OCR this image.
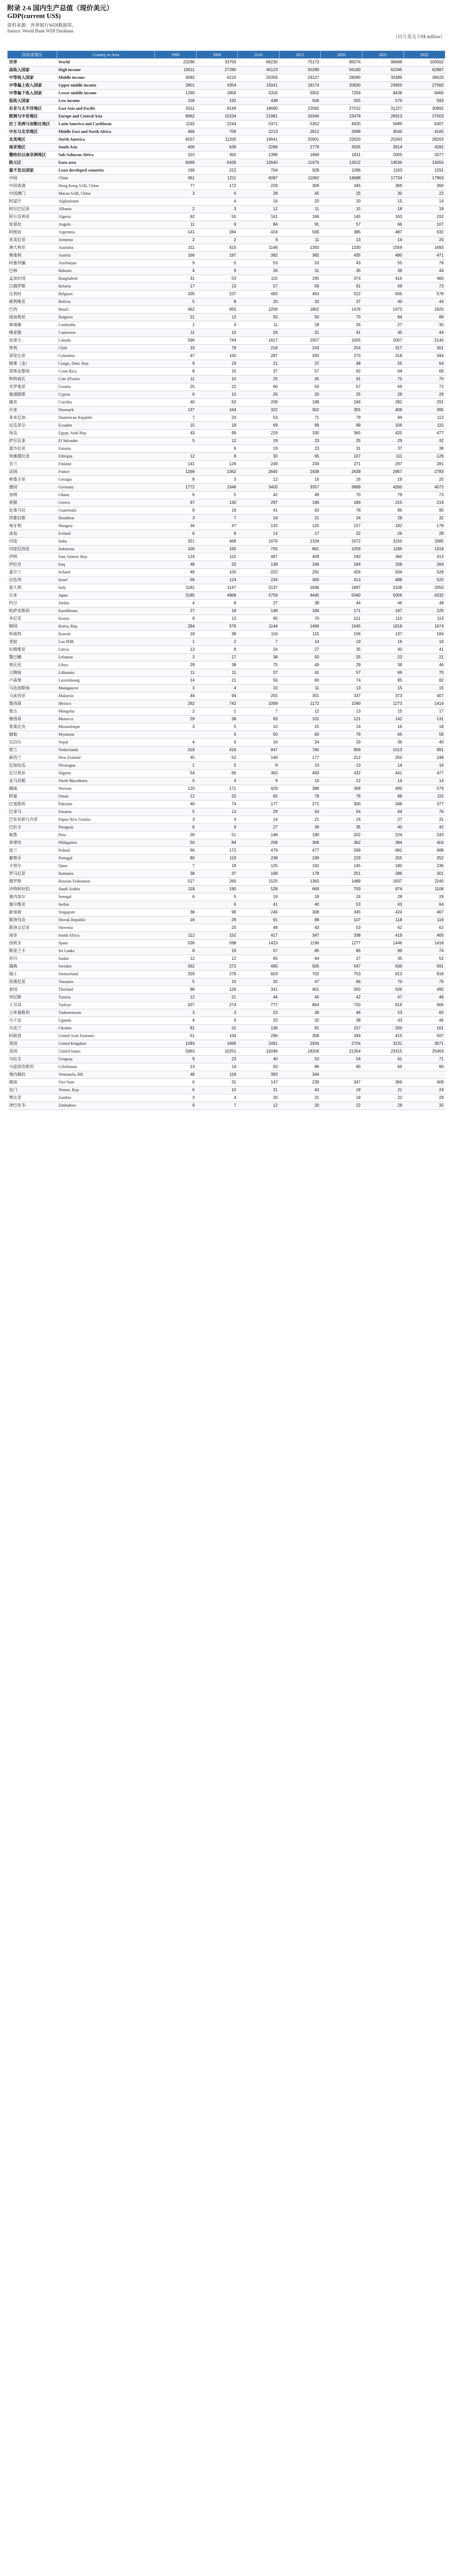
附录 2-6 国内生产总值（现价美元）
GDP(current US$)
资料来源：世界银行WDI数据库。
Source: World Bank WDI Database.
（百万美元 US$ million）
国家或地区	Country or Area	1990	2000	2010	2015	2020	2021	2022
世界	World	23286	33759	66230	75173	85074	96698	100562
高收入国家	High income	19011	27280	45123	50289	56190	62345	62987
中等收入国家	Middle income	4092	6210	20356	24127	28090	33389	36520
中等偏上收入国家	Upper middle income	2801	4354	15041	18174	20830	24950	27060
中等偏下收入国家	Lower middle income	1290	1856	5316	5952	7259	8438	9460
低收入国家	Low income	158	192	438	506	555	570	593
东亚与太平洋地区	East Asia and Pacific	5011	8149	18690	22582	27012	31227	30992
欧洲与中亚地区	Europe and Central Asia	8962	10234	21981	20346	23478	26913	27003
拉丁美洲与加勒比地区	Latin America and Caribbean	1192	2244	5371	5352	4920	5689	6307
中东与北非地区	Middle East and North Africa	466	709	2213	2812	2999	3540	4182
北美地区	North America	6557	11200	16641	20001	22620	25343	28263
南亚地区	South Asia	406	639	2288	2779	3505	3914	4282
撒哈拉以南非洲地区	Sub-Saharan Africa	310	350	1396	1669	1811	2005	2077
欧元区	Euro area	6069	6436	12640	11676	13012	14536	14050
最不发达国家	Least developed countries	168	222	704	928	1096	1163	1291
中国	China	361	1211	6087	11062	14688	17734	17963
中国香港	Hong Kong SAR, China	77	172	229	309	345	369	360
中国澳门	Macao SAR, China	3	6	28	45	25	30	22
阿富汗	Afghanistan		4	16	20	20	15	14
阿尔巴尼亚	Albania	2	3	12	11	15	18	19
阿尔及利亚	Algeria	62	55	161	166	145	163	192
安哥拉	Angola	11	9	84	91	57	66	107
阿根廷	Argentina	141	284	424	595	385	487	632
亚美尼亚	Armenia	2	2	9	11	13	14	20
澳大利亚	Australia	311	415	1146	1350	1330	1559	1693
奥地利	Austria	166	197	392	382	435	480	471
阿塞拜疆	Azerbaijan	9	5	53	53	43	55	78
巴林	Bahrain	4	9	26	31	35	39	44
孟加拉国	Bangladesh	31	53	115	195	374	416	460
白俄罗斯	Belarus	17	13	57	56	61	69	73
比利时	Belgium	205	237	483	463	522	600	578
玻利维亚	Bolivia	5	8	20	33	37	40	44
巴西	Brazil	462	655	2209	1802	1476	1670	1920
保加利亚	Bulgaria	21	13	50	50	70	84	89
柬埔寨	Cambodia	1	4	11	18	26	27	30
喀麦隆	Cameroon	11	10	26	31	41	45	44
加拿大	Canada	596	744	1617	1557	1655	2007	2140
智利	Chile	33	78	218	243	254	317	301
哥伦比亚	Colombia	47	100	287	293	270	318	344
刚果（金）	Congo, Dem. Rep.	9	19	21	37	48	55	64
哥斯达黎加	Costa Rica	8	15	37	57	62	64	69
科特迪瓦	Cote d'Ivoire	11	10	25	45	61	70	70
克罗地亚	Croatia	25	22	60	50	57	69	72
塞浦路斯	Cyprus	6	10	26	20	25	28	29
捷克	Czechia	40	62	209	188	246	282	291
丹麦	Denmark	137	164	322	302	355	408	395
多米尼加	Dominican Republic	7	24	53	71	79	94	113
厄瓜多尔	Ecuador	15	18	69	99	99	106	115
埃及	Egypt, Arab Rep.	43	99	219	330	365	425	477
萨尔瓦多	El Salvador	5	12	19	23	25	29	32
爱沙尼亚	Estonia		6	19	23	31	37	38
埃塞俄比亚	Ethiopia	12	8	30	65	107	111	126
芬兰	Finland	141	126	249	234	271	297	281
法国	France	1269	1362	2645	2439	2639	2957	2783
格鲁吉亚	Georgia	8	3	12	15	16	19	25
德国	Germany	1772	1948	3400	3357	3889	4260	4072
加纳	Ghana	6	5	42	49	70	79	73
希腊	Greece	97	130	297	196	189	215	219
危地马拉	Guatemala	8	19	41	63	78	86	95
洪都拉斯	Honduras	3	7	16	21	24	28	32
匈牙利	Hungary	34	47	132	125	157	182	178
冰岛	Iceland	6	9	14	17	22	26	28
印度	India	321	468	1676	2104	2672	3150	3385
印度尼西亚	Indonesia	106	165	755	861	1059	1186	1319
伊朗	Iran, Islamic Rep.	124	110	487	409	240	360	413
伊拉克	Iraq	48	20	138	166	184	208	264
爱尔兰	Ireland	49	100	222	291	426	504	529
以色列	Israel	59	124	234	300	413	488	525
意大利	Italy	1181	1147	2137	1836	1897	2108	2050
日本	Japan	3185	4968	5759	4445	5040	5006	4232
约旦	Jordan	4	8	27	38	44	46	48
哈萨克斯坦	Kazakhstan	27	18	148	184	171	197	225
肯尼亚	Kenya	9	13	45	70	101	110	113
韩国	Korea, Rep.	284	576	1144	1466	1645	1818	1674
科威特	Kuwait	18	38	116	115	106	137	184
老挝	Lao PDR	1	2	7	14	19	19	16
拉脱维亚	Latvia	13	8	24	27	35	40	41
黎巴嫩	Lebanon	3	17	38	50	25	23	21
利比亚	Libya	29	38	75	49	29	39	46
立陶宛	Lithuania	11	11	37	41	57	66	70
卢森堡	Luxembourg	14	21	56	60	74	85	82
马达加斯加	Madagascar	3	4	10	11	13	15	15
马来西亚	Malaysia	44	94	255	301	337	373	407
墨西哥	Mexico	262	742	1058	1172	1090	1273	1414
蒙古	Mongolia	2	1	7	12	13	15	17
摩洛哥	Morocco	29	38	93	101	121	142	131
莫桑比克	Mozambique	3	5	10	15	14	16	18
缅甸	Myanmar		9	50	60	79	66	59
尼泊尔	Nepal	4	6	16	24	33	36	40
荷兰	Netherlands	318	416	847	765	909	1013	991
新西兰	New Zealand	45	52	146	177	212	250	248
尼加拉瓜	Nicaragua	1	5	9	13	13	14	16
尼日利亚	Nigeria	54	69	363	493	432	441	477
北马其顿	North Macedonia	5	4	9	10	12	14	14
挪威	Norway	120	171	429	386	368	490	579
阿曼	Oman	12	20	65	78	76	88	115
巴基斯坦	Pakistan	40	74	177	271	300	348	377
巴拿马	Panama	5	13	29	54	54	64	76
巴布亚新几内亚	Papua New Guinea	3	4	14	21	24	27	31
巴拉圭	Paraguay	6	9	27	36	35	40	42
秘鲁	Peru	26	51	148	190	202	224	243
菲律宾	Philippines	50	84	208	306	362	394	404
波兰	Poland	66	172	479	477	599	681	688
葡萄牙	Portugal	80	119	238	199	229	255	252
卡塔尔	Qatar	7	18	125	162	145	180	236
罗马尼亚	Romania	38	37	168	178	251	286	301
俄罗斯	Russian Federation	517	260	1525	1363	1489	1837	2240
沙特阿拉伯	Saudi Arabia	118	190	528	669	703	874	1108
塞内加尔	Senegal	6	5	16	18	24	28	28
塞尔维亚	Serbia		6	41	40	53	63	64
新加坡	Singapore	38	96	240	308	345	424	467
斯洛伐克	Slovak Republic	16	29	91	88	107	118	116
斯洛文尼亚	Slovenia		20	48	43	53	62	62
南非	South Africa	112	152	417	347	338	419	405
西班牙	Spain	536	598	1423	1196	1277	1446	1418
斯里兰卡	Sri Lanka	8	19	57	85	85	89	74
苏丹	Sudan	12	12	65	64	27	35	52
瑞典	Sweden	262	272	495	505	547	639	591
瑞士	Switzerland	259	279	603	702	753	813	818
坦桑尼亚	Tanzania	5	10	32	47	66	70	76
泰国	Thailand	88	126	341	401	500	506	495
突尼斯	Tunisia	12	21	44	45	42	47	46
土耳其	Turkiye	207	274	777	864	720	819	906
土库曼斯坦	Turkmenistan	3	3	23	36	46	53	60
乌干达	Uganda	4	6	20	32	38	43	46
乌克兰	Ukraine	81	31	136	91	157	200	161
阿联酋	United Arab Emirates	51	104	290	358	349	415	507
英国	United Kingdom	1093	1666	2491	2934	2704	3131	3071
美国	United States	5963	10251	15049	18206	21354	23315	25463
乌拉圭	Uruguay	9	23	40	53	54	61	71
乌兹别克斯坦	Uzbekistan	13	14	50	86	60	69	80
委内瑞拉	Venezuela, RB	48	118	393	344			
越南	Viet Nam	6	31	147	239	347	366	409
也门	Yemen, Rep.	6	10	31	43	19	21	24
赞比亚	Zambia	3	4	20	21	18	22	29
津巴布韦	Zimbabwe	9	7	12	20	22	28	32
